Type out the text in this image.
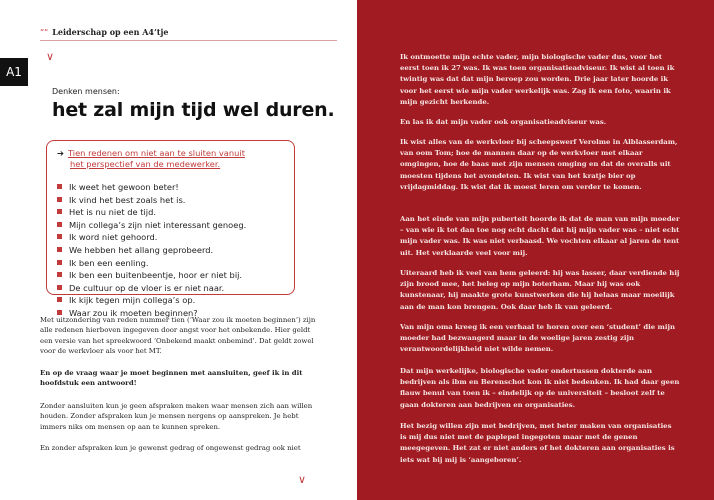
““ Leiderschap op een A4’tje
A1
∨
Denken mensen:
het zal mijn tijd wel duren.
➔ Tien redenen om niet aan te sluiten vanuit
het perspectief van de medewerker.
Ik weet het gewoon beter!
Ik vind het best zoals het is.
Het is nu niet de tijd.
Mijn collega’s zijn niet interessant genoeg.
Ik word niet gehoord.
We hebben het allang geprobeerd.
Ik ben een eenling.
Ik ben een buitenbeentje, hoor er niet bij.
De cultuur op de vloer is er niet naar.
Ik kijk tegen mijn collega’s op.
Waar zou ik moeten beginnen?

Met uitzondering van reden nummer tien (‘Waar zou ik moeten beginnen’) zijn alle redenen hierboven ingegeven door angst voor het onbekende. Hier geldt een versie van het spreekwoord ‘Onbekend maakt onbemind’. Dat geldt zowel voor de werkvloer als voor het MT.

En op de vraag waar je moet beginnen met aansluiten, geef ik in dit hoofdstuk een antwoord!

Zonder aansluiten kun je geen afspraken maken waar mensen zich aan willen houden. Zonder afspraken kun je mensen nergens op aanspreken. Je hebt immers niks om mensen op aan te kunnen spreken.

En zonder afspraken kun je gewenst gedrag of ongewenst gedrag ook niet

∨

Ik ontmoette mijn echte vader, mijn biologische vader dus, voor het eerst toen ik 27 was. Ik was toen organisatieadviseur. Ik wist al toen ik twintig was dat dat mijn beroep zou worden. Drie jaar later hoorde ik voor het eerst wie mijn vader werkelijk was. Zag ik een foto, waarin ik mijn gezicht herkende.

En las ik dat mijn vader ook organisatieadviseur was.

Ik wist alles van de werkvloer bij scheepswerf Verolme in Alblasserdam, van oom Tom; hoe de mannen daar op de werkvloer met elkaar omgingen, hoe de baas met zijn mensen omging en dat de overalls uit moesten tijdens het avondeten. Ik wist van het kratje bier op vrijdagmiddag. Ik wist dat ik moest leren om verder te komen.

Aan het einde van mijn puberteit hoorde ik dat de man van mijn moeder – van wie ik tot dan toe nog echt dacht dat hij mijn vader was – niet echt mijn vader was. Ik was niet verbaasd. We vochten elkaar al jaren de tent uit. Het verklaarde veel voor mij.

Uiteraard heb ik veel van hem geleerd: hij was lasser, daar verdiende hij zijn brood mee, het beleg op mijn boterham. Maar hij was ook kunstenaar, hij maakte grote kunstwerken die hij helaas maar moeilijk aan de man kon brengen. Ook daar heb ik van geleerd.

Van mijn oma kreeg ik een verhaal te horen over een ‘student’ die mijn moeder had bezwangerd maar in de woelige jaren zestig zijn verantwoordelijkheid niet wilde nemen.

Dat mijn werkelijke, biologische vader ondertussen dokterde aan bedrijven als ibm en Berenschot kon ik niet bedenken. Ik had daar geen flauw benul van toen ik – eindelijk op de universiteit – besloot zelf te gaan dokteren aan bedrijven en organisaties.

Het bezig willen zijn met bedrijven, met beter maken van organisaties is mij dus niet met de paplepel ingegoten maar met de genen meegegeven. Het zat er niet anders of het dokteren aan organisaties is iets wat bij mij is ‘aangeboren’.
